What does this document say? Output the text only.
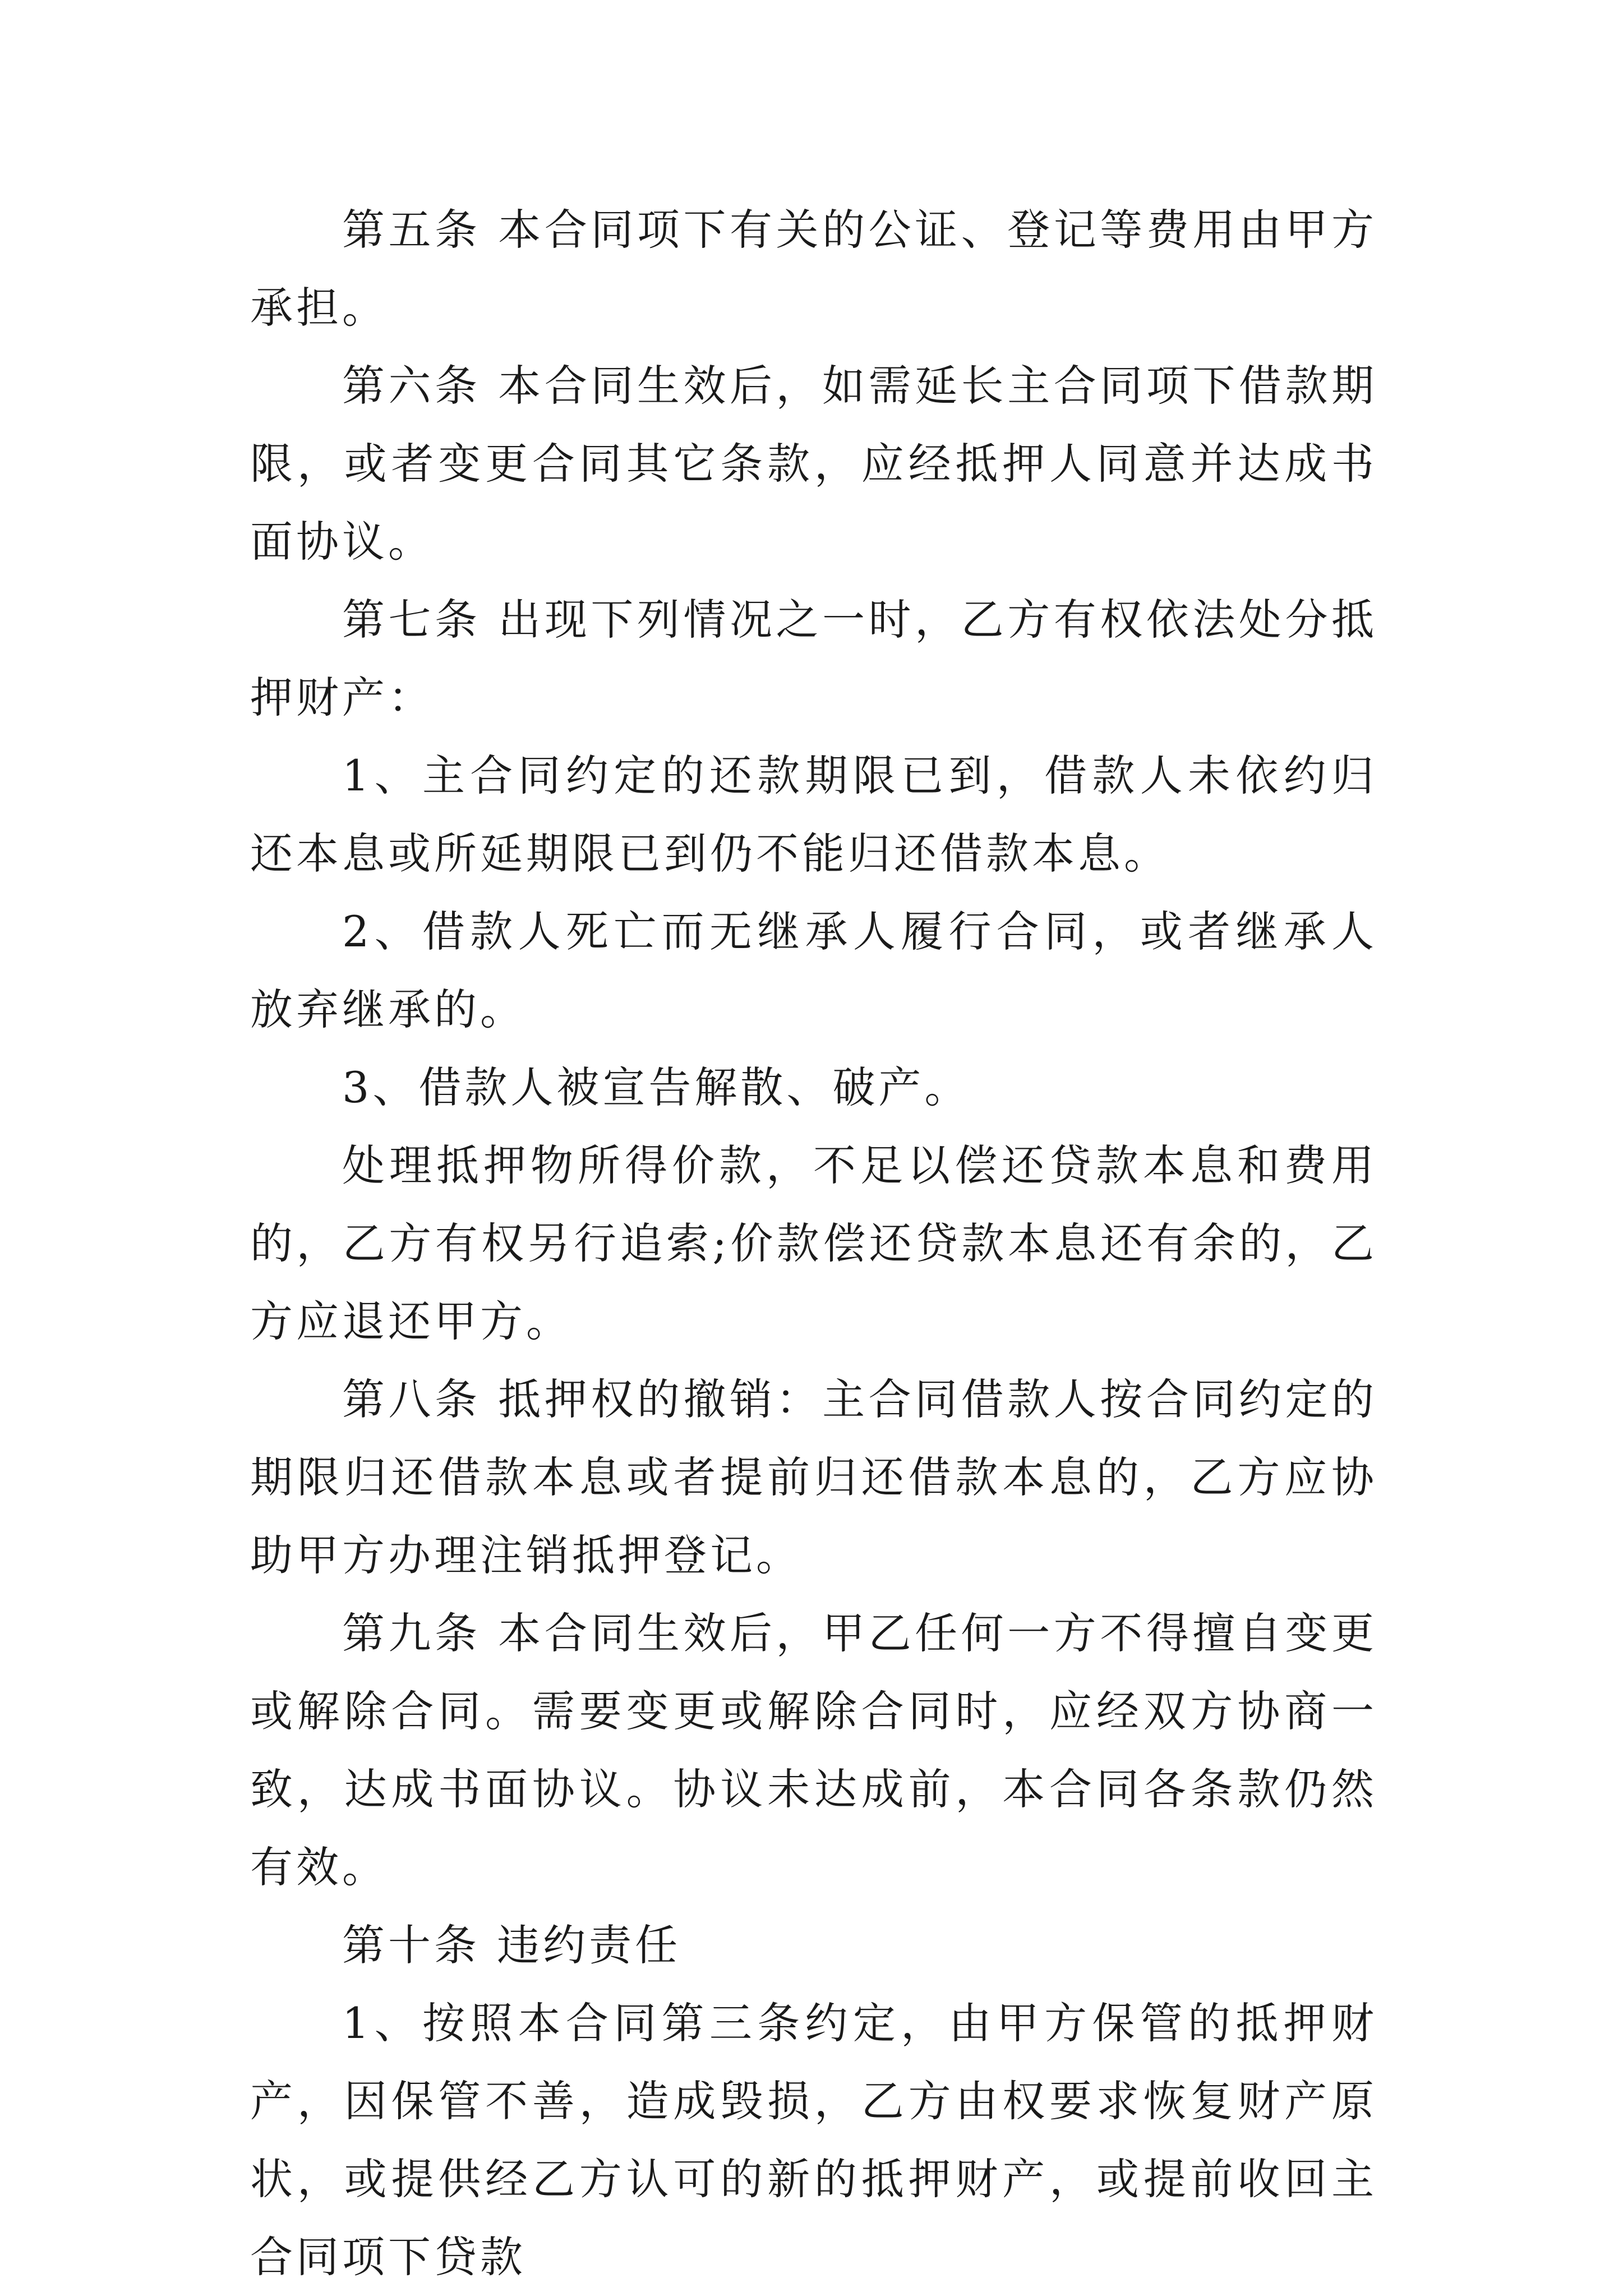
第五条 本合同项下有关的公证、登记等费用由甲方承担。

第六条 本合同生效后，如需延长主合同项下借款期限，或者变更合同其它条款，应经抵押人同意并达成书面协议。

第七条 出现下列情况之一时，乙方有权依法处分抵押财产：

1、主合同约定的还款期限已到，借款人未依约归还本息或所延期限已到仍不能归还借款本息。

2、借款人死亡而无继承人履行合同，或者继承人放弃继承的。

3、借款人被宣告解散、破产。

处理抵押物所得价款，不足以偿还贷款本息和费用的，乙方有权另行追索;价款偿还贷款本息还有余的，乙方应退还甲方。

第八条 抵押权的撤销：主合同借款人按合同约定的期限归还借款本息或者提前归还借款本息的，乙方应协助甲方办理注销抵押登记。

第九条 本合同生效后，甲乙任何一方不得擅自变更或解除合同。需要变更或解除合同时，应经双方协商一致，达成书面协议。协议未达成前，本合同各条款仍然有效。

第十条 违约责任

1、按照本合同第三条约定，由甲方保管的抵押财产，因保管不善，造成毁损，乙方由权要求恢复财产原状，或提供经乙方认可的新的抵押财产，或提前收回主合同项下贷款
